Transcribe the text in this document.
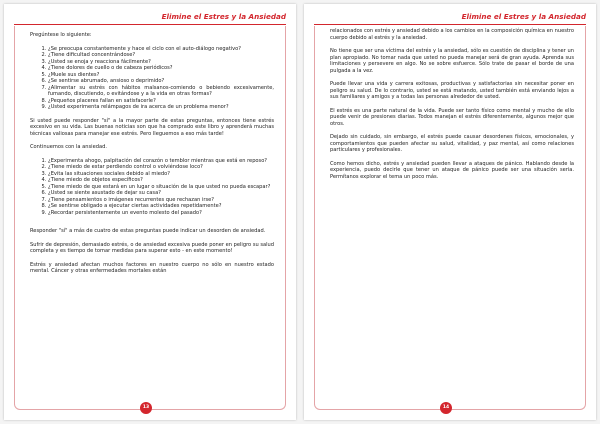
Elimine el Estres y la Ansiedad

Pregúntese lo siguiente:

1. ¿Se preocupa constantemente y hace el ciclo con el auto-diálogo negativo?
2. ¿Tiene dificultad concentrándose?
3. ¿Usted se enoja y reacciona fácilmente?
4. ¿Tiene dolores de cuello o de cabeza periódicos?
5. ¿Muele sus dientes?
6. ¿Se sentirse abrumado, ansioso o deprimido?
7. ¿Alimentar su estrés con hábitos malsanos-comiendo o bebiendo excesivamente, fumando, discutiendo, o evitándose y a la vida en otras formas?
8. ¿Pequeños placeres fallan en satisfacerle?
9. ¿Usted experimenta relámpagos de ira acerca de un problema menor?

Si usted puede responder "sí" a la mayor parte de estas preguntas, entonces tiene estrés excesivo en su vida. Las buenas noticias son que ha comprado este libro y aprenderá muchas técnicas valiosas para manejar ese estrés. Pero lleguemos a eso más tarde!

Continuemos con la ansiedad.

1. ¿Experimenta ahogo, palpitación del corazón o temblor mientras que está en reposo?
2. ¿Tiene miedo de estar perdiendo control o volviéndose loco?
3. ¿Evita las situaciones sociales debido al miedo?
4. ¿Tiene miedo de objetos específicos?
5. ¿Tiene miedo de que estará en un lugar o situación de la que usted no pueda escapar?
6. ¿Usted se siente asustado de dejar su casa?
7. ¿Tiene pensamientos o imágenes recurrentes que rechazan irse?
8. ¿Se sentirse obligado a ejecutar ciertas actividades repetidamente?
9. ¿Recordar persistentemente un evento molesto del pasado?

Responder "sí" a más de cuatro de estas preguntas puede indicar un desorden de ansiedad.

Sufrir de depresión, demasiado estrés, o de ansiedad excesiva puede poner en peligro su salud completa y es tiempo de tomar medidas para superar esto - en este momento!

Estrés y ansiedad afectan muchos factores en nuestro cuerpo no sólo en nuestro estado mental. Cáncer y otras enfermedades mortales están

13
Elimine el Estres y la Ansiedad

relacionados con estrés y ansiedad debido a los cambios en la composición química en nuestro cuerpo debido al estrés y la ansiedad.

No tiene que ser una víctima del estrés y la ansiedad, sólo es cuestión de disciplina y tener un plan apropiado. No tomar nada que usted no pueda manejar será de gran ayuda. Aprenda sus limitaciones y persevere en algo. No se sobre esfuerce. Sólo trate de pasar el borde de una pulgada a la vez.

Puede llevar una vida y carrera exitosas, productivas y satisfactorias sin necesitar poner en peligro su salud. De lo contrario, usted se está matando, usted también está enviando lejos a sus familiares y amigos y a todas las personas alrededor de usted.

El estrés es una parte natural de la vida. Puede ser tanto físico como mental y mucho de ello puede venir de presiones diarias. Todos manejan el estrés diferentemente, algunos mejor que otros.

Dejado sin cuidado, sin embargo, el estrés puede causar desordenes físicos, emocionales, y comportamientos que pueden afectar su salud, vitalidad, y paz mental, así como relaciones particulares y profesionales.

Como hemos dicho, estrés y ansiedad pueden llevar a ataques de pánico. Hablando desde la experiencia, puedo decirle que tener un ataque de pánico puede ser una situación seria. Permítanos explorar el tema un poco más.

14
